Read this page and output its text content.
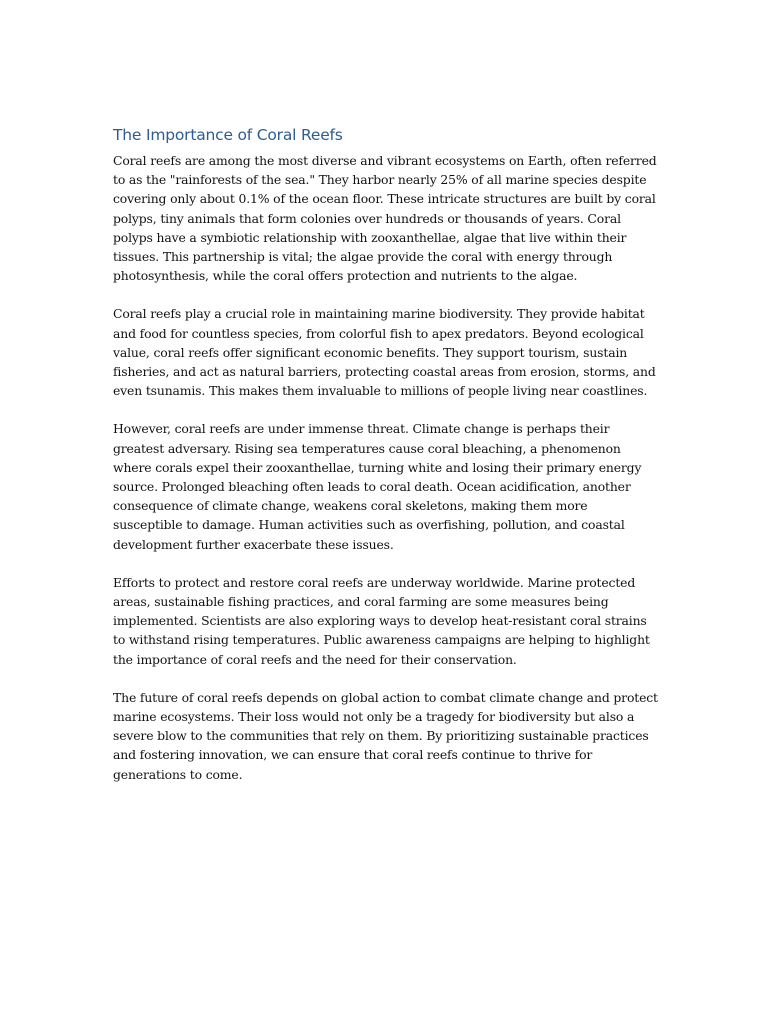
The Importance of Coral Reefs

Coral reefs are among the most diverse and vibrant ecosystems on Earth, often referred to as the "rainforests of the sea." They harbor nearly 25% of all marine species despite covering only about 0.1% of the ocean floor. These intricate structures are built by coral polyps, tiny animals that form colonies over hundreds or thousands of years. Coral polyps have a symbiotic relationship with zooxanthellae, algae that live within their tissues. This partnership is vital; the algae provide the coral with energy through photosynthesis, while the coral offers protection and nutrients to the algae.

Coral reefs play a crucial role in maintaining marine biodiversity. They provide habitat and food for countless species, from colorful fish to apex predators. Beyond ecological value, coral reefs offer significant economic benefits. They support tourism, sustain fisheries, and act as natural barriers, protecting coastal areas from erosion, storms, and even tsunamis. This makes them invaluable to millions of people living near coastlines.

However, coral reefs are under immense threat. Climate change is perhaps their greatest adversary. Rising sea temperatures cause coral bleaching, a phenomenon where corals expel their zooxanthellae, turning white and losing their primary energy source. Prolonged bleaching often leads to coral death. Ocean acidification, another consequence of climate change, weakens coral skeletons, making them more susceptible to damage. Human activities such as overfishing, pollution, and coastal development further exacerbate these issues.

Efforts to protect and restore coral reefs are underway worldwide. Marine protected areas, sustainable fishing practices, and coral farming are some measures being implemented. Scientists are also exploring ways to develop heat-resistant coral strains to withstand rising temperatures. Public awareness campaigns are helping to highlight the importance of coral reefs and the need for their conservation.

The future of coral reefs depends on global action to combat climate change and protect marine ecosystems. Their loss would not only be a tragedy for biodiversity but also a severe blow to the communities that rely on them. By prioritizing sustainable practices and fostering innovation, we can ensure that coral reefs continue to thrive for generations to come.
